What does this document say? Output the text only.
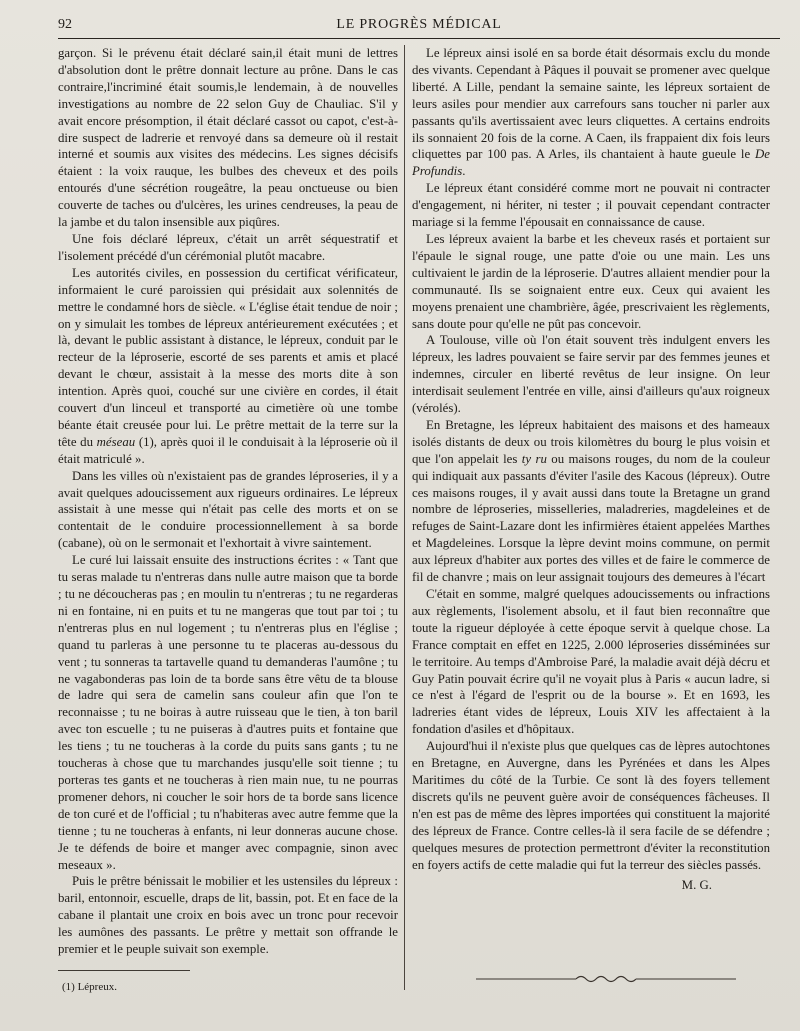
92	LE PROGRÈS MÉDICAL

garçon. Si le prévenu était déclaré sain,il était muni de lettres d'absolution dont le prêtre donnait lecture au prône. Dans le cas contraire,l'incriminé était soumis,le lendemain, à de nouvelles investigations au nombre de 22 selon Guy de Chauliac. S'il y avait encore présomption, il était déclaré cassot ou capot, c'est-à-dire suspect de ladrerie et renvoyé dans sa demeure où il restait interné et soumis aux visites des médecins. Les signes décisifs étaient : la voix rauque, les bulbes des cheveux et des poils entourés d'une sécrétion rougeâtre, la peau onctueuse ou bien couverte de taches ou d'ulcères, les urines cendreuses, la peau de la jambe et du talon insensible aux piqûres.

Une fois déclaré lépreux, c'était un arrêt séquestratif et l'isolement précédé d'un cérémonial plutôt macabre.

Les autorités civiles, en possession du certificat vérificateur, informaient le curé paroissien qui présidait aux solennités de mettre le condamné hors de siècle. « L'église était tendue de noir ; on y simulait les tombes de lépreux antérieurement exécutées ; et là, devant le public assistant à distance, le lépreux, conduit par le recteur de la léproserie, escorté de ses parents et amis et placé devant le chœur, assistait à la messe des morts dite à son intention. Après quoi, couché sur une civière en cordes, il était couvert d'un linceul et transporté au cimetière où une tombe béante était creusée pour lui. Le prêtre mettait de la terre sur la tête du méseau (1), après quoi il le conduisait à la léproserie où il était matriculé ».

Dans les villes où n'existaient pas de grandes léproseries, il y a avait quelques adoucissement aux rigueurs ordinaires. Le lépreux assistait à une messe qui n'était pas celle des morts et on se contentait de le conduire processionnellement à sa borde (cabane), où on le sermonait et l'exhortait à vivre saintement.

Le curé lui laissait ensuite des instructions écrites : « Tant que tu seras malade tu n'entreras dans nulle autre maison que ta borde ; tu ne découcheras pas ; en moulin tu n'entreras ; tu ne regarderas ni en fontaine, ni en puits et tu ne mangeras que tout par toi ; tu n'entreras plus en nul logement ; tu n'entreras plus en l'église ; quand tu parleras à une personne tu te placeras au-dessous du vent ; tu sonneras ta tartavelle quand tu demanderas l'aumône ; tu ne vagabonderas pas loin de ta borde sans être vêtu de ta blouse de ladre qui sera de camelin sans couleur afin que l'on te reconnaisse ; tu ne boiras à autre ruisseau que le tien, à ton baril avec ton escuelle ; tu ne puiseras à d'autres puits et fontaine que les tiens ; tu ne toucheras à la corde du puits sans gants ; tu ne toucheras à chose que tu marchandes jusqu'elle soit tienne ; tu porteras tes gants et ne toucheras à rien main nue, tu ne pourras promener dehors, ni coucher le soir hors de ta borde sans licence de ton curé et de l'official ; tu n'habiteras avec autre femme que la tienne ; tu ne toucheras à enfants, ni leur donneras aucune chose. Je te défends de boire et manger avec compagnie, sinon avec meseaux ».

Puis le prêtre bénissait le mobilier et les ustensiles du lépreux : baril, entonnoir, escuelle, draps de lit, bassin, pot. Et en face de la cabane il plantait une croix en bois avec un tronc pour recevoir les aumônes des passants. Le prêtre y mettait son offrande le premier et le peuple suivait son exemple.

Le lépreux ainsi isolé en sa borde était désormais exclu du monde des vivants. Cependant à Pâques il pouvait se promener avec quelque liberté. A Lille, pendant la semaine sainte, les lépreux sortaient de leurs asiles pour mendier aux carrefours sans toucher ni parler aux passants qu'ils avertissaient avec leurs cliquettes. A certains endroits ils sonnaient 20 fois de la corne. A Caen, ils frappaient dix fois leurs cliquettes par 100 pas. A Arles, ils chantaient à haute gueule le De Profundis.

Le lépreux étant considéré comme mort ne pouvait ni contracter d'engagement, ni hériter, ni tester ; il pouvait cependant contracter mariage si la femme l'épousait en connaissance de cause.

Les lépreux avaient la barbe et les cheveux rasés et portaient sur l'épaule le signal rouge, une patte d'oie ou une main. Les uns cultivaient le jardin de la léproserie. D'autres allaient mendier pour la communauté. Ils se soignaient entre eux. Ceux qui avaient les moyens prenaient une chambrière, âgée, prescrivaient les règlements, sans doute pour qu'elle ne pût pas concevoir.

A Toulouse, ville où l'on était souvent très indulgent envers les lépreux, les ladres pouvaient se faire servir par des femmes jeunes et indemnes, circuler en liberté revêtus de leur insigne. On leur interdisait seulement l'entrée en ville, ainsi d'ailleurs qu'aux roigneux (vérolés).

En Bretagne, les lépreux habitaient des maisons et des hameaux isolés distants de deux ou trois kilomètres du bourg le plus voisin et que l'on appelait les ty ru ou maisons rouges, du nom de la couleur qui indiquait aux passants d'éviter l'asile des Kacous (lépreux). Outre ces maisons rouges, il y avait aussi dans toute la Bretagne un grand nombre de léproseries, misselleries, maladreries, magdeleines et de refuges de Saint-Lazare dont les infirmières étaient appelées Marthes et Magdeleines. Lorsque la lèpre devint moins commune, on permit aux lépreux d'habiter aux portes des villes et de faire le commerce de fil de chanvre ; mais on leur assignait toujours des demeures à l'écart

C'était en somme, malgré quelques adoucissements ou infractions aux règlements, l'isolement absolu, et il faut bien reconnaître que toute la rigueur déployée à cette époque servit à quelque chose. La France comptait en effet en 1225, 2.000 léproseries disséminées sur le territoire. Au temps d'Ambroise Paré, la maladie avait déjà décru et Guy Patin pouvait écrire qu'il ne voyait plus à Paris « aucun ladre, si ce n'est à l'égard de l'esprit ou de la bourse ». Et en 1693, les ladreries étant vides de lépreux, Louis XIV les affectaient à la fondation d'asiles et d'hôpitaux.

Aujourd'hui il n'existe plus que quelques cas de lèpres autochtones en Bretagne, en Auvergne, dans les Pyrénées et dans les Alpes Maritimes du côté de la Turbie. Ce sont là des foyers tellement discrets qu'ils ne peuvent guère avoir de conséquences fâcheuses. Il n'en est pas de même des lèpres importées qui constituent la majorité des lépreux de France. Contre celles-là il sera facile de se défendre ; quelques mesures de protection permettront d'éviter la reconstitution en foyers actifs de cette maladie qui fut la terreur des siècles passés.

M. G.

(1) Lépreux.
